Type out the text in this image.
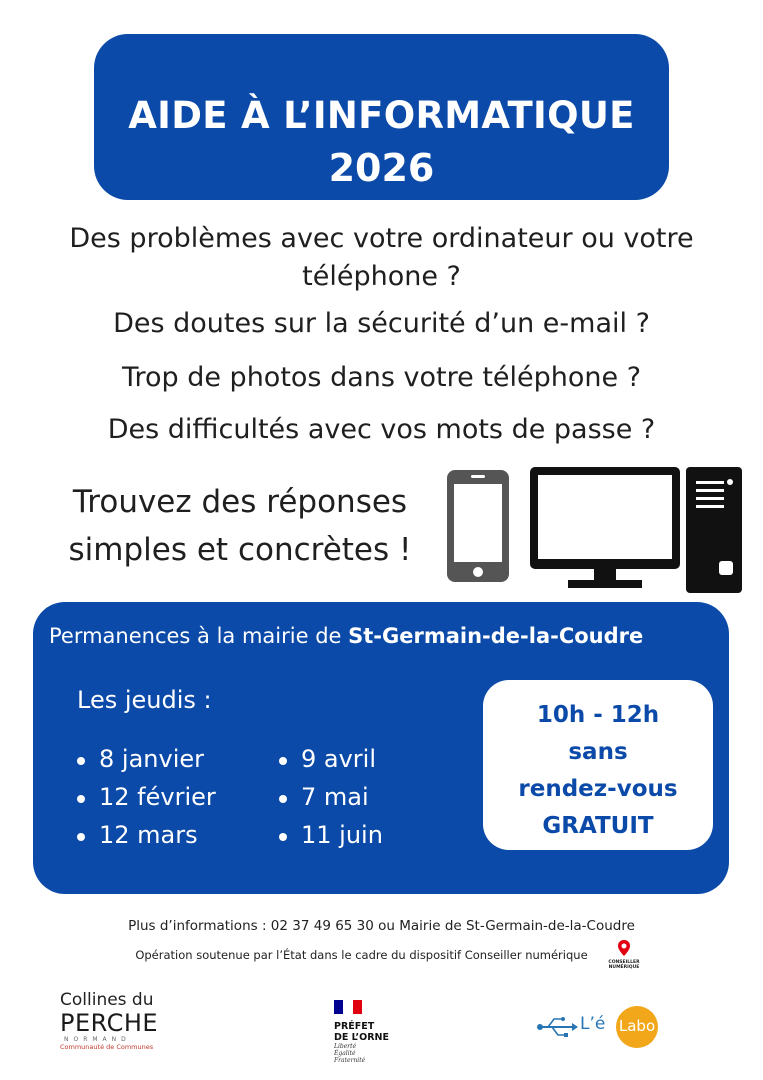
AIDE À L’INFORMATIQUE
2026
Des problèmes avec votre ordinateur ou votre téléphone ?
Des doutes sur la sécurité d’un e-mail ?
Trop de photos dans votre téléphone ?
Des difficultés avec vos mots de passe ?
Trouvez des réponses
simples et concrètes !
Permanences à la mairie de St-Germain-de-la-Coudre
Les jeudis :
8 janvier
12 février
12 mars
9 avril
7 mai
11 juin
10h - 12h
sans
rendez-vous
GRATUIT
Plus d’informations : 02 37 49 65 30 ou Mairie de St-Germain-de-la-Coudre
Opération soutenue par l’État dans le cadre du dispositif Conseiller numérique
CONSEILLER NUMÉRIQUE
Collines du
PERCHE
NORMAND
Communauté de Communes
PRÉFET
DE L’ORNE
Liberté
Égalité
Fraternité
L’é Labo
